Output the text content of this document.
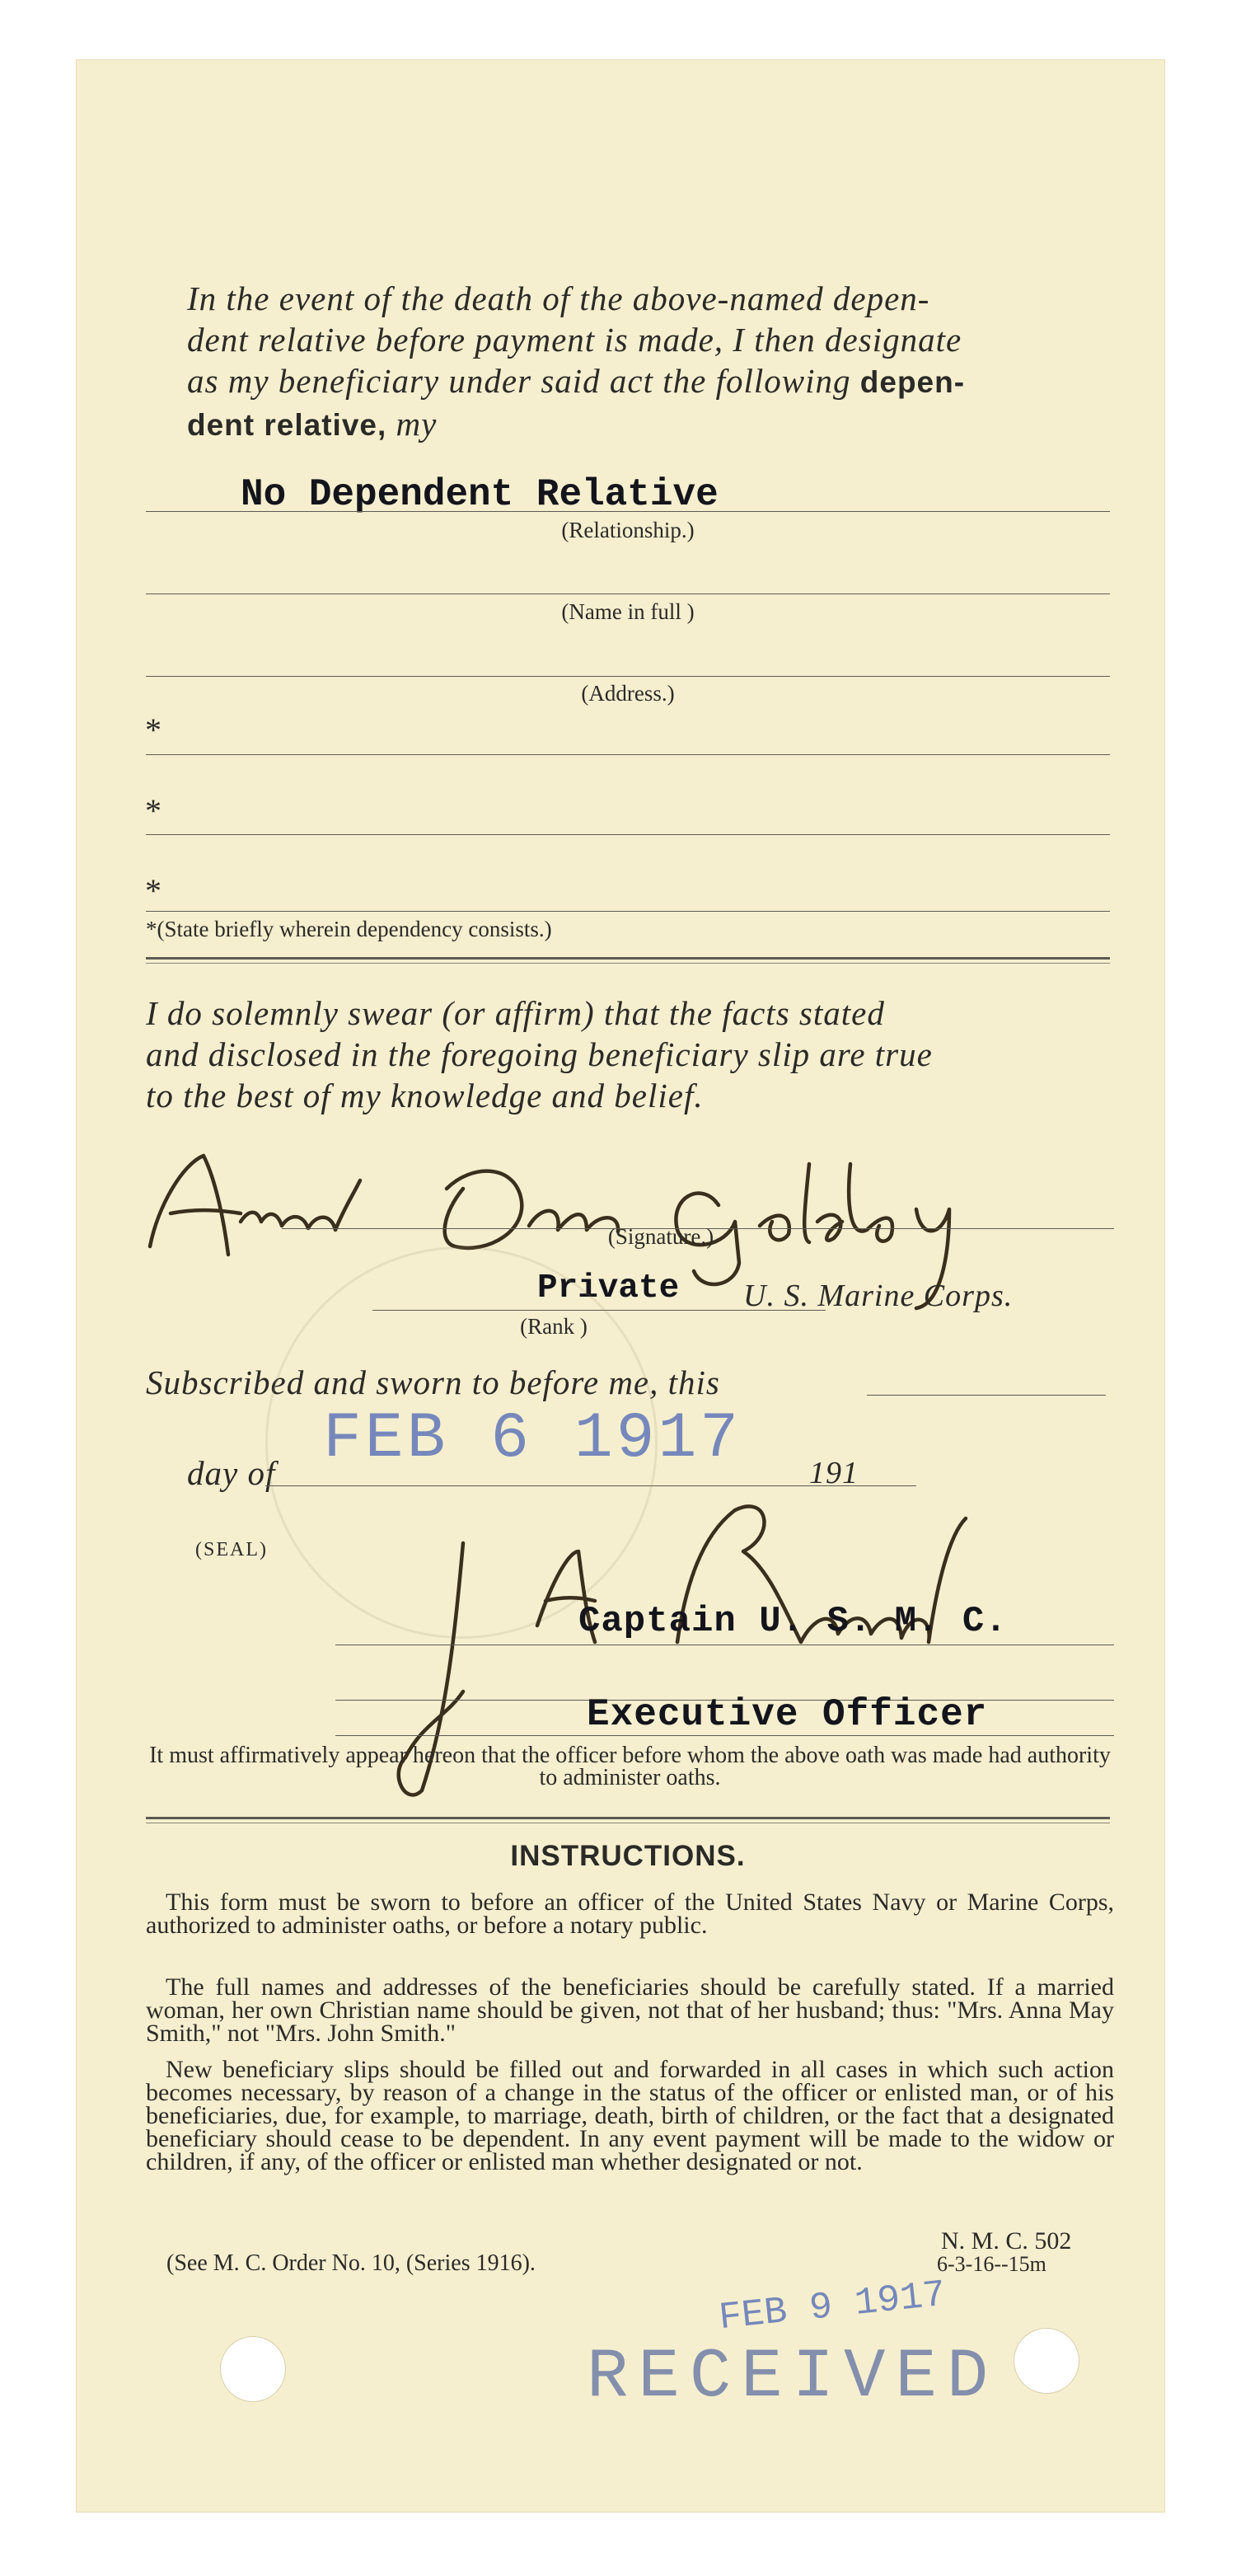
In the event of the death of the above-named depen-
dent relative before payment is made, I then designate
as my beneficiary under said act the following depen-
dent relative, my
No Dependent Relative
(Relationship.)
(Name in full )
(Address.)
*
*
*
*(State briefly wherein dependency consists.)
I do solemnly swear (or affirm) that the facts stated
and disclosed in the foregoing beneficiary slip are true
to the best of my knowledge and belief.
(Signature.)
Private U. S. Marine Corps.
(Rank )
Subscribed and sworn to before me, this
day of FEB 6 1917 191
(SEAL)
Captain U. S. M. C.
Executive Officer
It must affirmatively appear hereon that the officer before whom the above oath was made had authority to administer oaths.
INSTRUCTIONS.
This form must be sworn to before an officer of the United States Navy or Marine Corps, authorized to administer oaths, or before a notary public.
The full names and addresses of the beneficiaries should be carefully stated. If a married woman, her own Christian name should be given, not that of her husband; thus: "Mrs. Anna May Smith," not "Mrs. John Smith."
New beneficiary slips should be filled out and forwarded in all cases in which such action becomes necessary, by reason of a change in the status of the officer or enlisted man, or of his beneficiaries, due, for example, to marriage, death, birth of children, or the fact that a designated beneficiary should cease to be dependent. In any event payment will be made to the widow or children, if any, of the officer or enlisted man whether designated or not.
N. M. C. 502
(See M. C. Order No. 10, (Series 1916).	6-3-16--15m
FEB 9 1917
RECEIVED
